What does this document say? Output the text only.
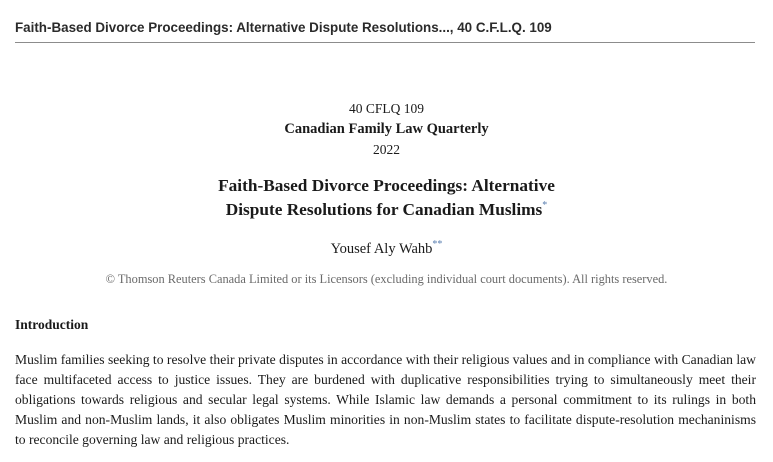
Faith-Based Divorce Proceedings: Alternative Dispute Resolutions..., 40 C.F.L.Q. 109
40 CFLQ 109
Canadian Family Law Quarterly
2022
Faith-Based Divorce Proceedings: Alternative
Dispute Resolutions for Canadian Muslims*
Yousef Aly Wahb**
© Thomson Reuters Canada Limited or its Licensors (excluding individual court documents). All rights reserved.
Introduction
Muslim families seeking to resolve their private disputes in accordance with their religious values and in compliance with Canadian law face multifaceted access to justice issues. They are burdened with duplicative responsibilities trying to simultaneously meet their obligations towards religious and secular legal systems. While Islamic law demands a personal commitment to its rulings in both Muslim and non-Muslim lands, it also obligates Muslim minorities in non-Muslim states to facilitate dispute-resolution mechaninisms to reconcile governing law and religious practices.
